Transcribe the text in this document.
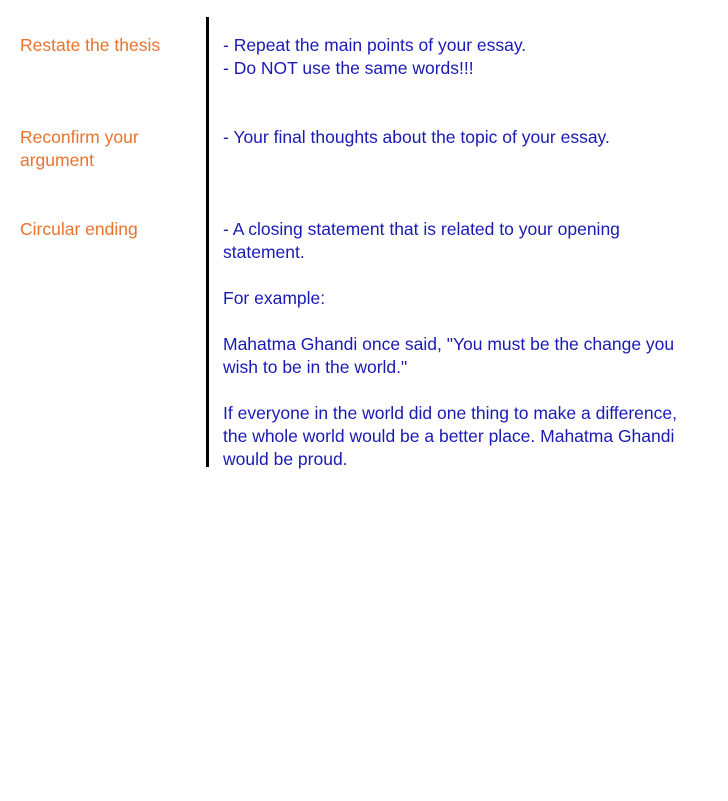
Restate the thesis

Reconfirm your
argument

Circular ending

- Repeat the main points of your essay.
- Do NOT use the same words!!!

- Your final thoughts about the topic of your essay.

- A closing statement that is related to your opening
statement.

For example:

Mahatma Ghandi once said, "You must be the change you
wish to be in the world."

If everyone in the world did one thing to make a difference,
the whole world would be a better place. Mahatma Ghandi
would be proud.
